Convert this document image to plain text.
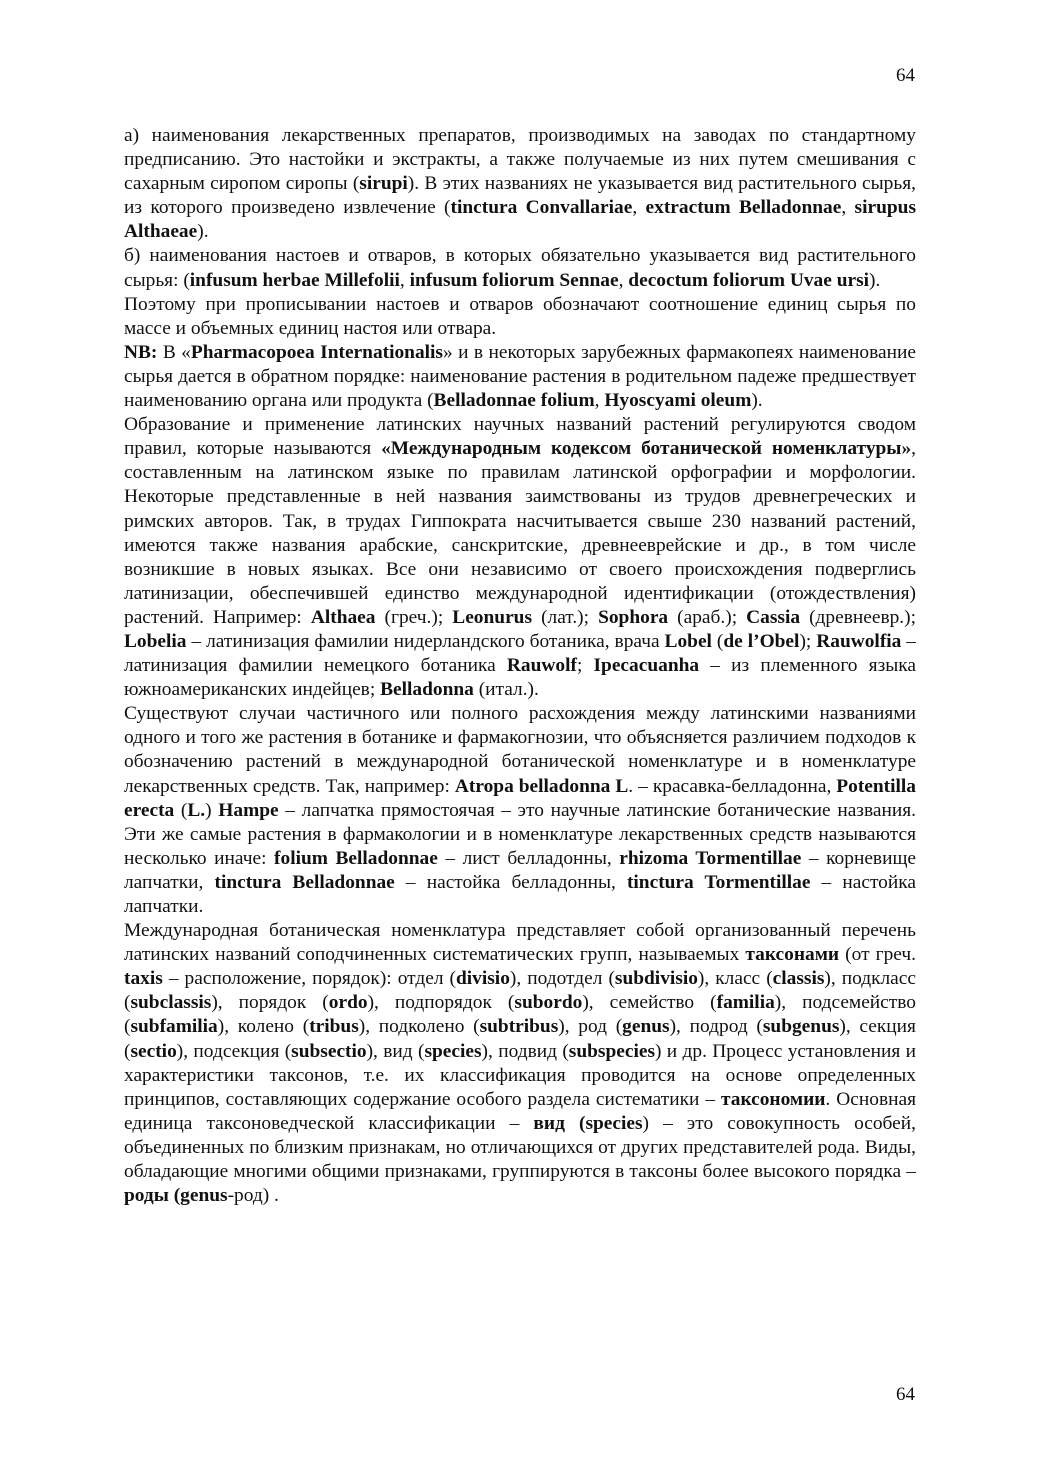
64

а) наименования лекарственных препаратов, производимых на заводах по стандартному предписанию. Это настойки и экстракты, а также получаемые из них путем смешивания с сахарным сиропом сиропы (sirupi). В этих названиях не указывается вид растительного сырья, из которого произведено извлечение (tinctura Convallariae, extractum Belladonnae, sirupus Althaeae).

б) наименования настоев и отваров, в которых обязательно указывается вид растительного сырья: (infusum herbae Millefolii, infusum foliorum Sennae, decoctum foliorum Uvae ursi).

Поэтому при прописывании настоев и отваров обозначают соотношение единиц сырья по массе и объемных единиц настоя или отвара.

NB: В «Pharmacopoea Internationalis» и в некоторых зарубежных фармакопеях наименование сырья дается в обратном порядке: наименование растения в родительном падеже предшествует наименованию органа или продукта (Belladonnae folium, Hyoscyami oleum).

Образование и применение латинских научных названий растений регулируются сводом правил, которые называются «Международным кодексом ботанической номенклатуры», составленным на латинском языке по правилам латинской орфографии и морфологии. Некоторые представленные в ней названия заимствованы из трудов древнегреческих и римских авторов. Так, в трудах Гиппократа насчитывается свыше 230 названий растений, имеются также названия арабские, санскритские, древнееврейские и др., в том числе возникшие в новых языках. Все они независимо от своего происхождения подверглись латинизации, обеспечившей единство международной идентификации (отождествления) растений. Например: Althaea (греч.); Leonurus (лат.); Sophora (араб.); Cassia (древнеевр.); Lobelia – латинизация фамилии нидерландского ботаника, врача Lobel (de l’Obel); Rauwolfia – латинизация фамилии немецкого ботаника Rauwolf; Ipecacuanha – из племенного языка южноамериканских индейцев; Belladonna (итал.).

Существуют случаи частичного или полного расхождения между латинскими названиями одного и того же растения в ботанике и фармакогнозии, что объясняется различием подходов к обозначению растений в международной ботанической номенклатуре и в номенклатуре лекарственных средств. Так, например: Atropa belladonna L. – красавка-белладонна, Potentilla erecta (L.) Hampe – лапчатка прямостоячая – это научные латинские ботанические названия. Эти же самые растения в фармакологии и в номенклатуре лекарственных средств называются несколько иначе: folium Belladonnae – лист белладонны, rhizoma Tormentillae – корневище лапчатки, tinctura Belladonnae – настойка белладонны, tinctura Tormentillae – настойка лапчатки.

Международная ботаническая номенклатура представляет собой организованный перечень латинских названий соподчиненных систематических групп, называемых таксонами (от греч. taxis – расположение, порядок): отдел (divisio), подотдел (subdivisio), класс (classis), подкласс (subclassis), порядок (ordo), подпорядок (subordo), семейство (familia), подсемейство (subfamilia), колено (tribus), подколено (subtribus), род (genus), подрод (subgenus), секция (sectio), подсекция (subsectio), вид (species), подвид (subspecies) и др. Процесс установления и характеристики таксонов, т.е. их классификация проводится на основе определенных принципов, составляющих содержание особого раздела систематики – таксономии. Основная единица таксоноведческой классификации – вид (species) – это совокупность особей, объединенных по близким признакам, но отличающихся от других представителей рода. Виды, обладающие многими общими признаками, группируются в таксоны более высокого порядка – роды (genus-род) .

64
